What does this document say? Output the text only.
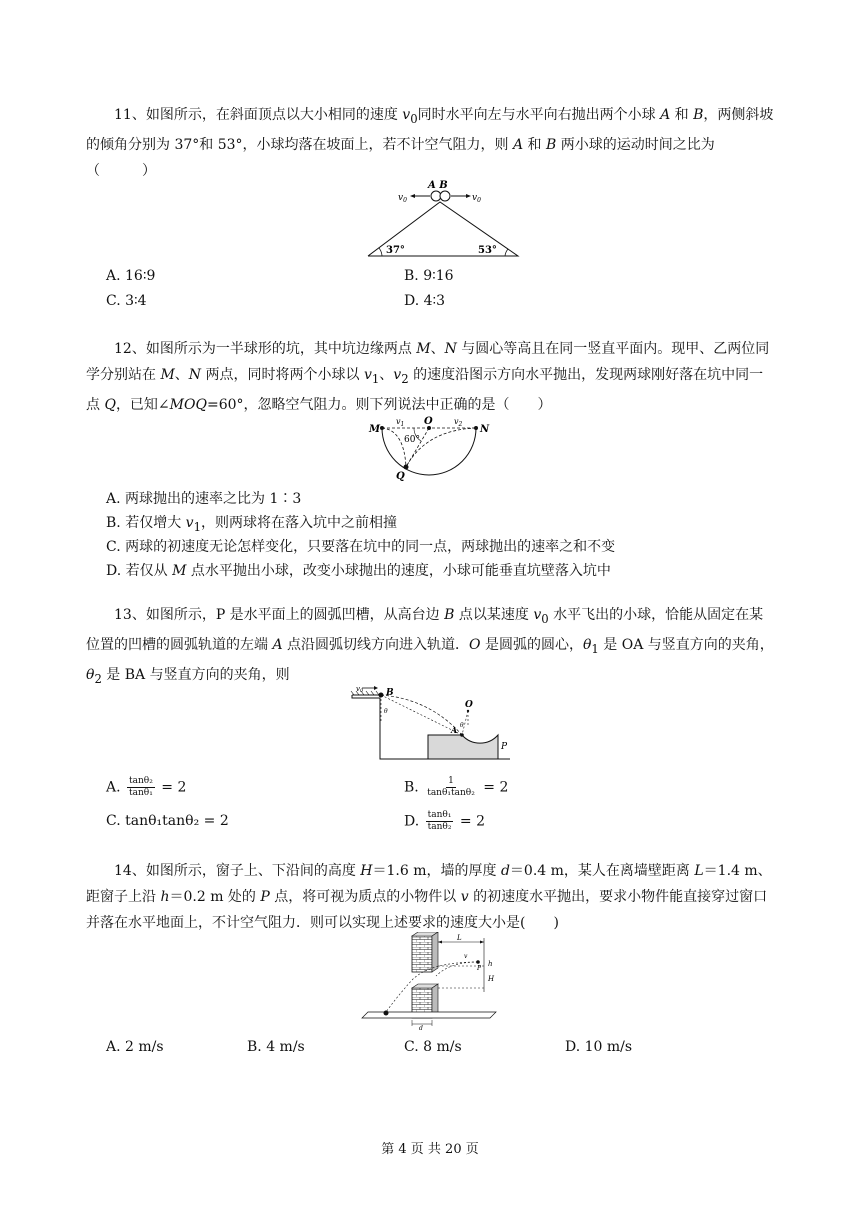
11、如图所示，在斜面顶点以大小相同的速度 $v_0$同时水平向左与水平向右抛出两个小球 A 和 B，两侧斜坡的倾角分别为 37°和 53°，小球均落在坡面上，若不计空气阻力，则 A 和 B 两小球的运动时间之比为（　　　）

A B
$v_0$	$v_0$
37°	53°
A. 16∶9	B. 9∶16
C. 3∶4	D. 4∶3

12、如图所示为一半球形的坑，其中坑边缘两点 M、N 与圆心等高且在同一竖直平面内。现甲、乙两位同学分别站在 M、N 两点，同时将两个小球以 $v_1$、$v_2$ 的速度沿图示方向水平抛出，发现两球刚好落在坑中同一点 Q，已知∠MOQ=60°，忽略空气阻力。则下列说法中正确的是（　　）

M
O
N
Q
$v_1$	$v_2$
60°
A. 两球抛出的速率之比为 1∶3
B. 若仅增大 $v_1$，则两球将在落入坑中之前相撞
C. 两球的初速度无论怎样变化，只要落在坑中的同一点，两球抛出的速率之和不变
D. 若仅从 M 点水平抛出小球，改变小球抛出的速度，小球可能垂直坑壁落入坑中

13、如图所示，P 是水平面上的圆弧凹槽，从高台边 B 点以某速度 $v_0$ 水平飞出的小球，恰能从固定在某位置的凹槽的圆弧轨道的左端 A 点沿圆弧切线方向进入轨道．O 是圆弧的圆心，$\theta_1$ 是 OA 与竖直方向的夹角，$\theta_2$ 是 BA 与竖直方向的夹角，则

v0	B
θ
O
A θ
P
A. $\frac{\text{tanθ₂}}{\text{tanθ₁}} = 2$	B. $\frac{1}{\text{tanθ₁tanθ₂}} = 2$
C. tanθ₁tanθ₂ = 2	D. $\frac{\text{tanθ₁}}{\text{tanθ₂}} = 2$

14、如图所示，窗子上、下沿间的高度 H＝1.6 m，墙的厚度 d＝0.4 m，某人在离墙壁距离 L＝1.4 m、距窗子上沿 h＝0.2 m 处的 P 点，将可视为质点的小物件以 v 的初速度水平抛出，要求小物件能直接穿过窗口并落在水平地面上，不计空气阻力．则可以实现上述要求的速度大小是(　　)

L
H
h
P
v
d
A. 2 m/s	B. 4 m/s	C. 8 m/s	D. 10 m/s
第 4 页 共 20 页
